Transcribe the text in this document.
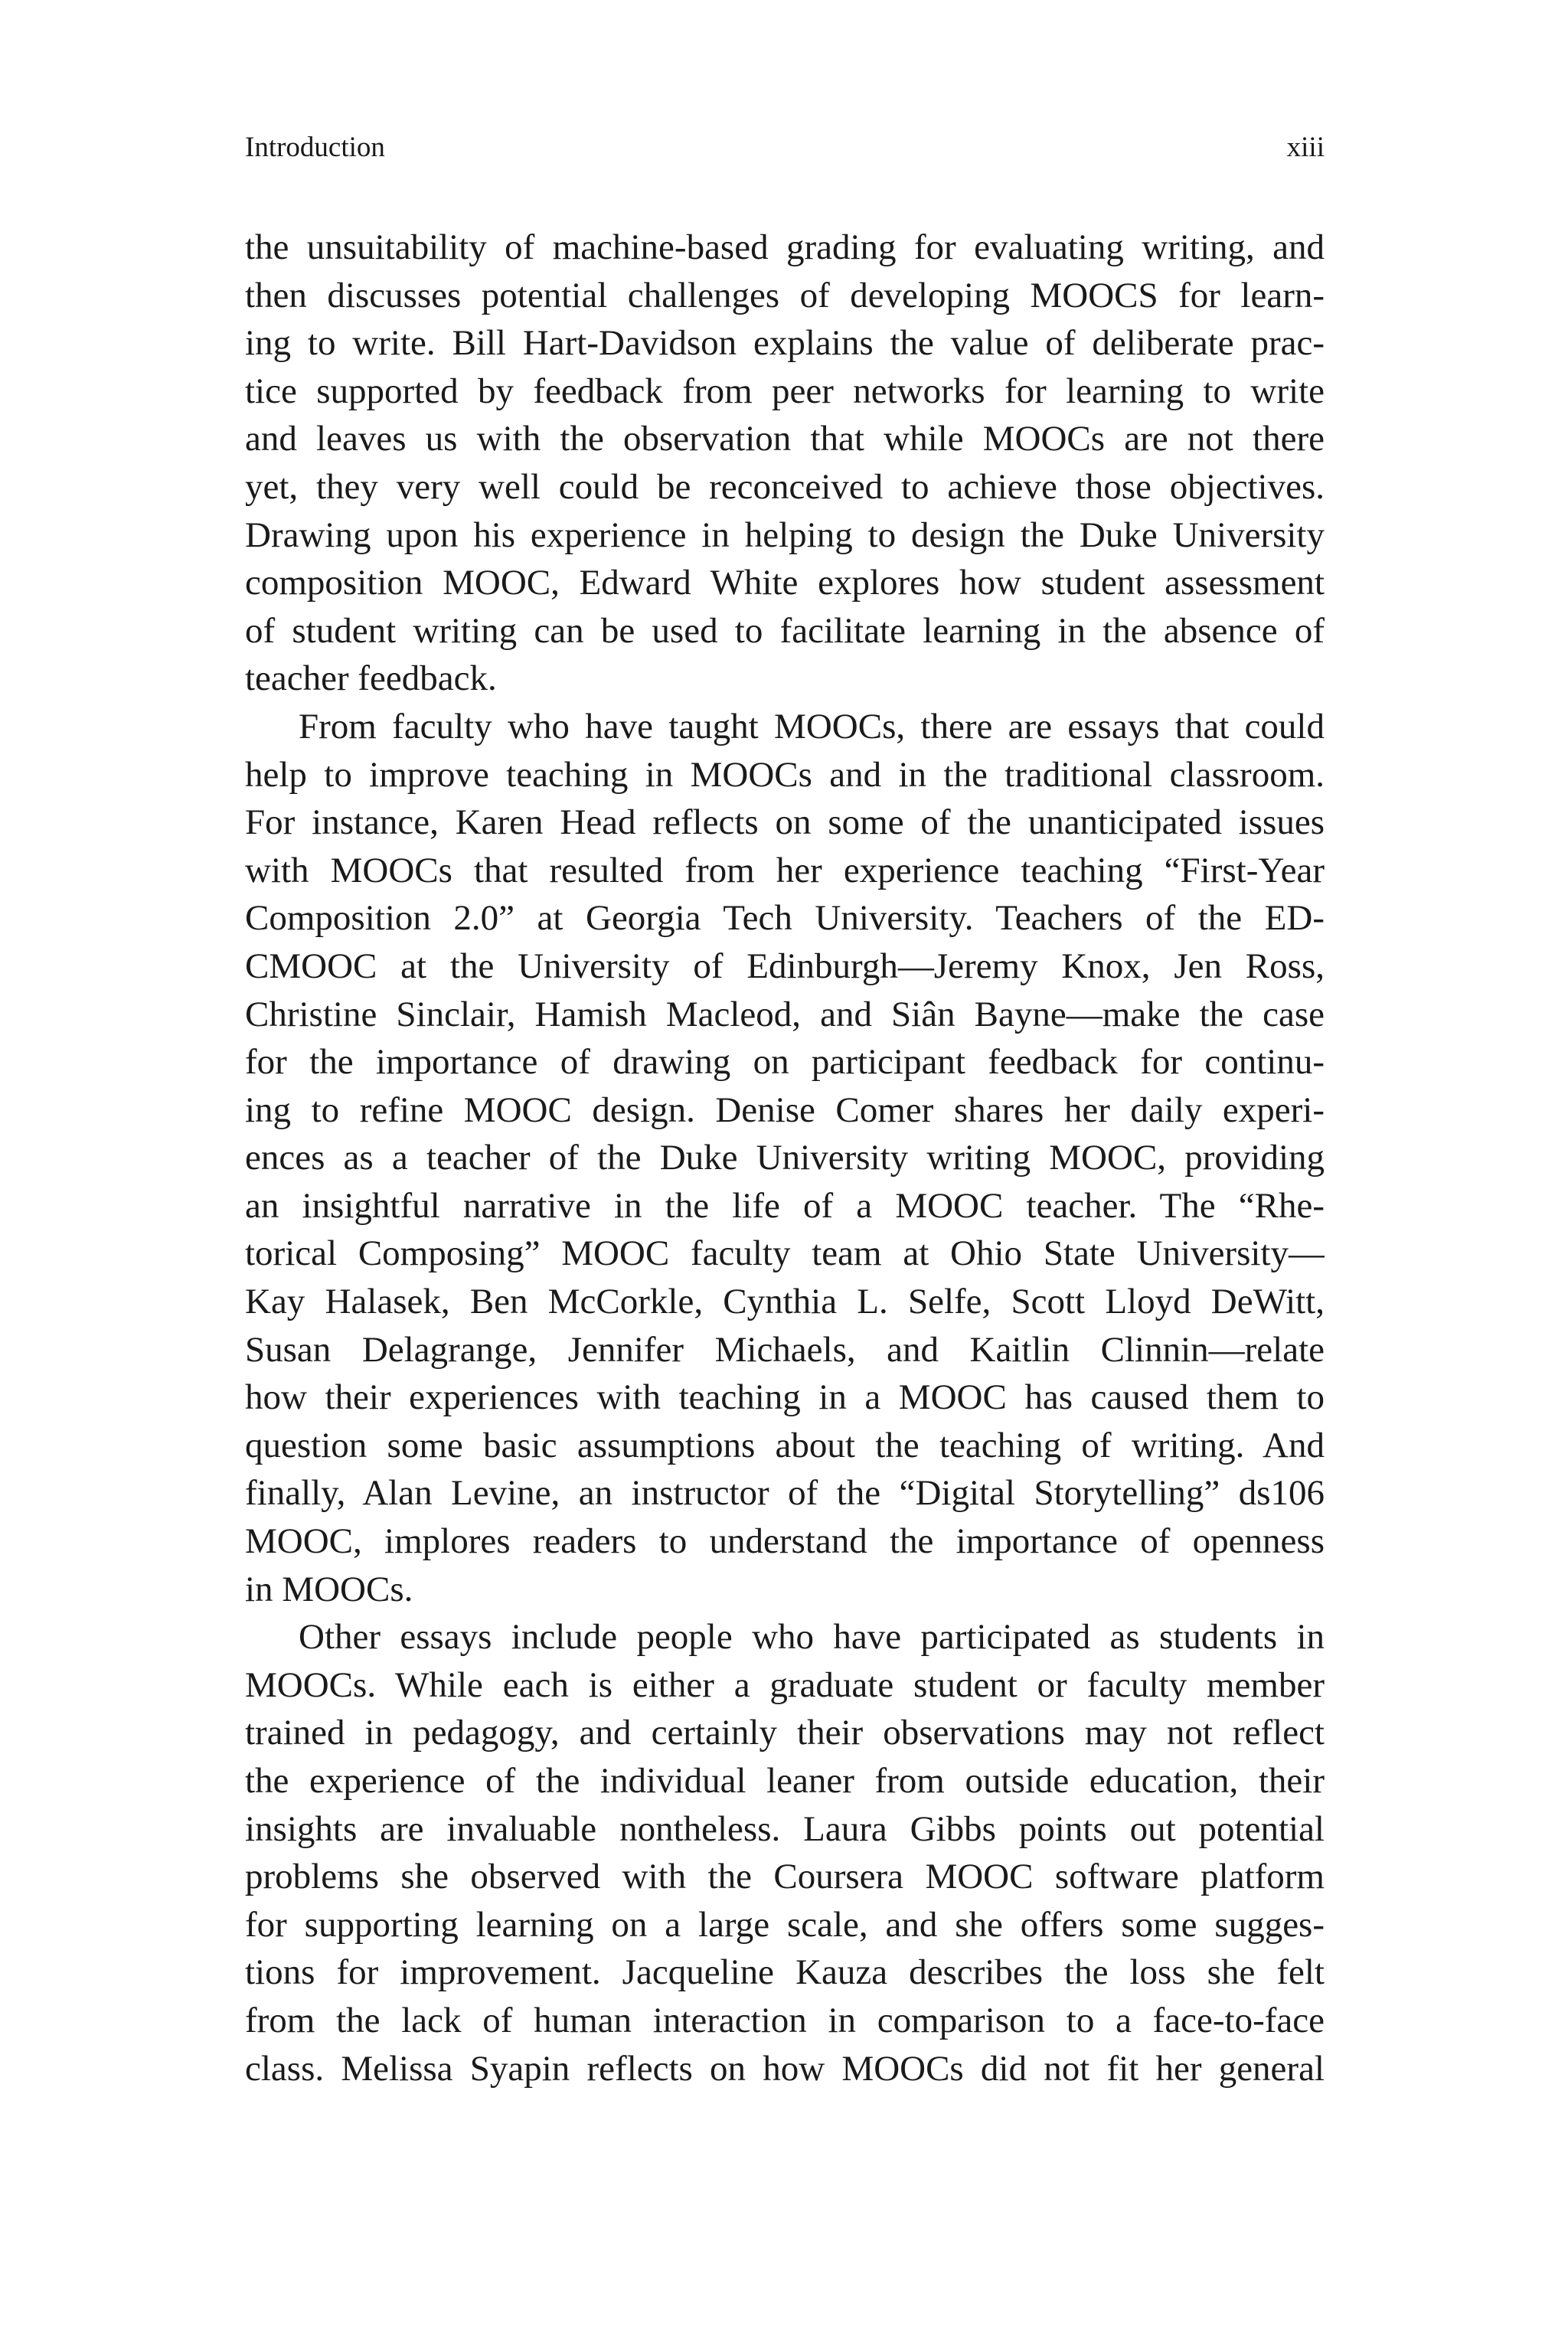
Introduction	xiii
the unsuitability of machine-based grading for evaluating writing, and
then discusses potential challenges of developing MOOCS for learn-
ing to write. Bill Hart-Davidson explains the value of deliberate prac-
tice supported by feedback from peer networks for learning to write
and leaves us with the observation that while MOOCs are not there
yet, they very well could be reconceived to achieve those objectives.
Drawing upon his experience in helping to design the Duke University
composition MOOC, Edward White explores how student assessment
of student writing can be used to facilitate learning in the absence of
teacher feedback.
From faculty who have taught MOOCs, there are essays that could
help to improve teaching in MOOCs and in the traditional classroom.
For instance, Karen Head reflects on some of the unanticipated issues
with MOOCs that resulted from her experience teaching “First-Year
Composition 2.0” at Georgia Tech University. Teachers of the ED-
CMOOC at the University of Edinburgh—Jeremy Knox, Jen Ross,
Christine Sinclair, Hamish Macleod, and Siân Bayne—make the case
for the importance of drawing on participant feedback for continu-
ing to refine MOOC design. Denise Comer shares her daily experi-
ences as a teacher of the Duke University writing MOOC, providing
an insightful narrative in the life of a MOOC teacher. The “Rhe-
torical Composing” MOOC faculty team at Ohio State University—
Kay Halasek, Ben McCorkle, Cynthia L. Selfe, Scott Lloyd DeWitt,
Susan Delagrange, Jennifer Michaels, and Kaitlin Clinnin—relate
how their experiences with teaching in a MOOC has caused them to
question some basic assumptions about the teaching of writing. And
finally, Alan Levine, an instructor of the “Digital Storytelling” ds106
MOOC, implores readers to understand the importance of openness
in MOOCs.
Other essays include people who have participated as students in
MOOCs. While each is either a graduate student or faculty member
trained in pedagogy, and certainly their observations may not reflect
the experience of the individual leaner from outside education, their
insights are invaluable nontheless. Laura Gibbs points out potential
problems she observed with the Coursera MOOC software platform
for supporting learning on a large scale, and she offers some sugges-
tions for improvement. Jacqueline Kauza describes the loss she felt
from the lack of human interaction in comparison to a face-to-face
class. Melissa Syapin reflects on how MOOCs did not fit her general
